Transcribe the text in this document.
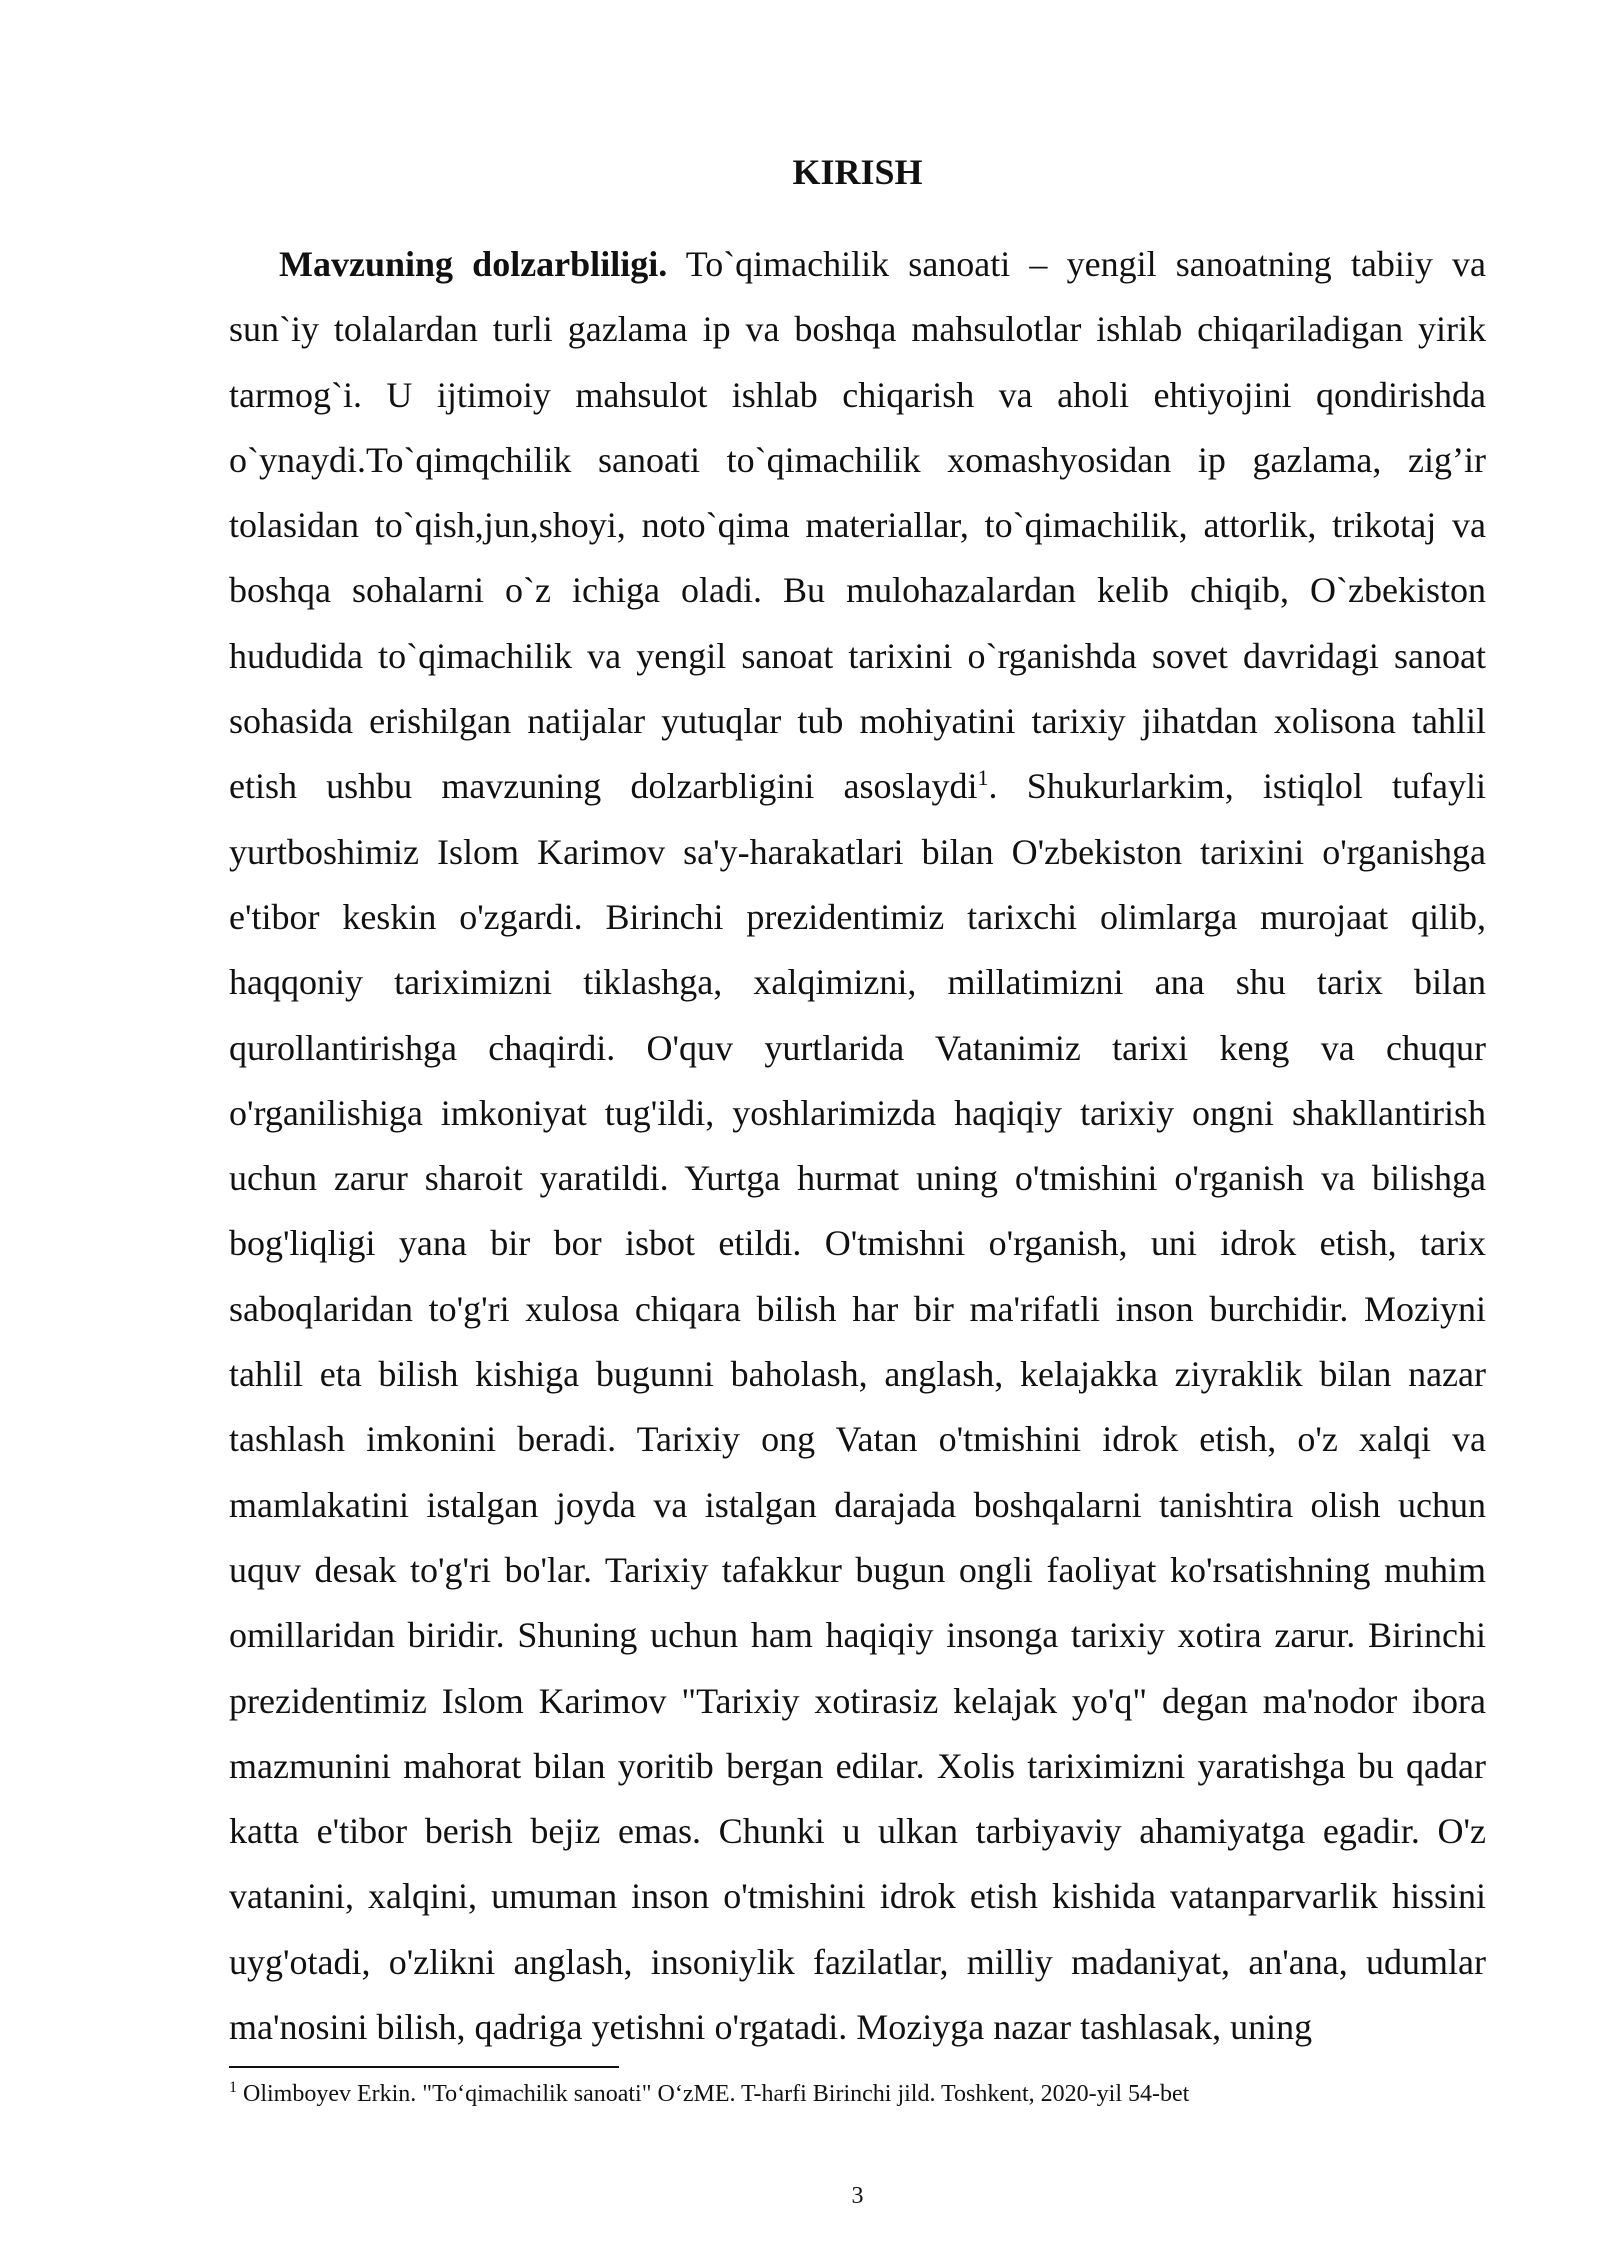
KIRISH

Mavzuning dolzarbliligi. To`qimachilik sanoati – yengil sanoatning tabiiy va sun`iy tolalardan turli gazlama ip va boshqa mahsulotlar ishlab chiqariladigan yirik tarmog`i. U ijtimoiy mahsulot ishlab chiqarish va aholi ehtiyojini qondirishda o`ynaydi.To`qimqchilik sanoati to`qimachilik xomashyosidan ip gazlama, zig’ir tolasidan to`qish,jun,shoyi, noto`qima materiallar, to`qimachilik, attorlik, trikotaj va boshqa sohalarni o`z ichiga oladi. Bu mulohazalardan kelib chiqib, O`zbekiston hududida to`qimachilik va yengil sanoat tarixini o`rganishda sovet davridagi sanoat sohasida erishilgan natijalar yutuqlar tub mohiyatini tarixiy jihatdan xolisona tahlil etish ushbu mavzuning dolzarbligini asoslaydi$^1$. Shukurlarkim, istiqlol tufayli yurtboshimiz Islom Karimov sa'y-harakatlari bilan O'zbekiston tarixini o'rganishga e'tibor keskin o'zgardi. Birinchi prezidentimiz tarixchi olimlarga murojaat qilib, haqqoniy tariximizni tiklashga, xalqimizni, millatimizni ana shu tarix bilan qurollantirishga chaqirdi. O'quv yurtlarida Vatanimiz tarixi keng va chuqur o'rganilishiga imkoniyat tug'ildi, yoshlarimizda haqiqiy tarixiy ongni shakllantirish uchun zarur sharoit yaratildi. Yurtga hurmat uning o'tmishini o'rganish va bilishga bog'liqligi yana bir bor isbot etildi. O'tmishni o'rganish, uni idrok etish, tarix saboqlaridan to'g'ri xulosa chiqara bilish har bir ma'rifatli inson burchidir. Moziyni tahlil eta bilish kishiga bugunni baholash, anglash, kelajakka ziyraklik bilan nazar tashlash imkonini beradi. Tarixiy ong Vatan o'tmishini idrok etish, o'z xalqi va mamlakatini istalgan joyda va istalgan darajada boshqalarni tanishtira olish uchun uquv desak to'g'ri bo'lar. Tarixiy tafakkur bugun ongli faoliyat ko'rsatishning muhim omillaridan biridir. Shuning uchun ham haqiqiy insonga tarixiy xotira zarur. Birinchi prezidentimiz Islom Karimov "Tarixiy xotirasiz kelajak yo'q" degan ma'nodor ibora mazmunini mahorat bilan yoritib bergan edilar. Xolis tariximizni yaratishga bu qadar katta e'tibor berish bejiz emas. Chunki u ulkan tarbiyaviy ahamiyatga egadir. O'z vatanini, xalqini, umuman inson o'tmishini idrok etish kishida vatanparvarlik hissini uyg'otadi, o'zlikni anglash, insoniylik fazilatlar, milliy madaniyat, an'ana, udumlar ma'nosini bilish, qadriga yetishni o'rgatadi. Moziyga nazar tashlasak, uning

$^1$ Olimboyev Erkin. "To‘qimachilik sanoati" O‘zME. T-harfi Birinchi jild. Toshkent, 2020-yil 54-bet

3
